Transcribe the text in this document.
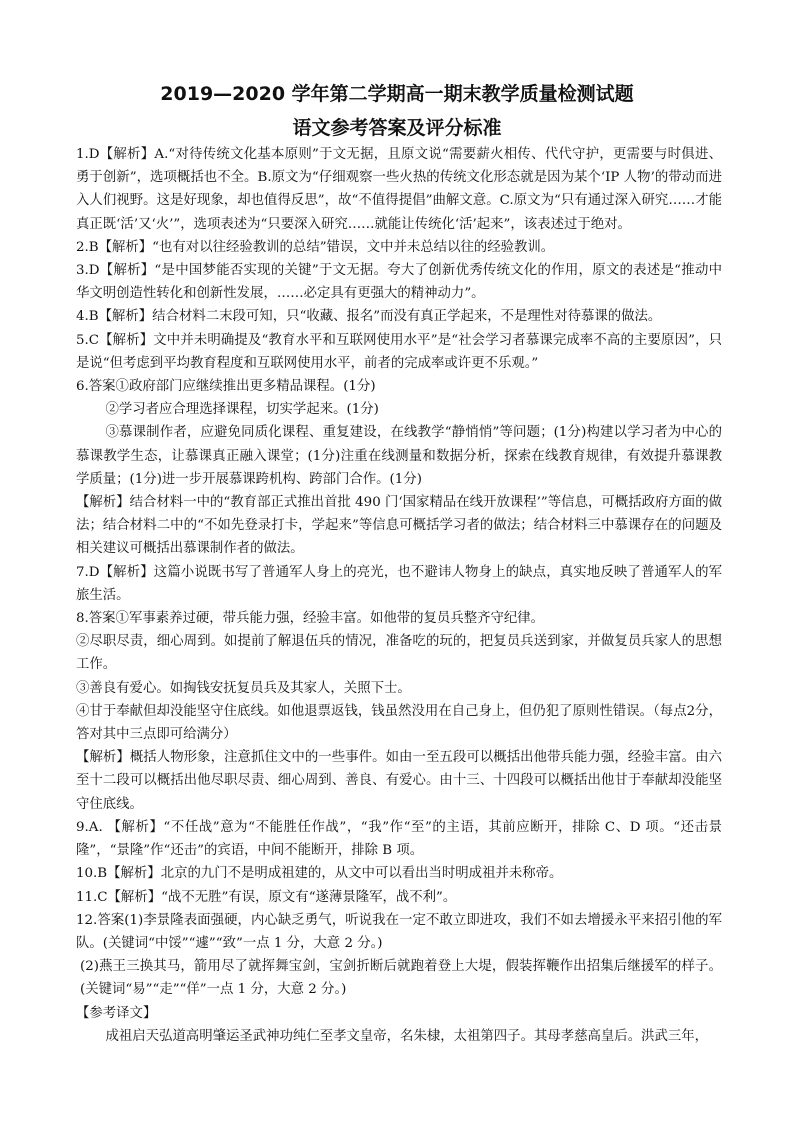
2019—2020 学年第二学期高一期末教学质量检测试题
语文参考答案及评分标准

1.D【解析】A.“对待传统文化基本原则”于文无据，且原文说“需要薪火相传、代代守护，更需要与时俱进、勇于创新”，选项概括也不全。B.原文为“仔细观察一些火热的传统文化形态就是因为某个‘IP 人物’的带动而进入人们视野。这是好现象，却也值得反思”，故“不值得提倡”曲解文意。C.原文为“只有通过深入研究……才能真正既‘活’又‘火’”，选项表述为“只要深入研究……就能让传统化‘活’起来”，该表述过于绝对。

2.B【解析】“也有对以往经验教训的总结”错误，文中并未总结以往的经验教训。

3.D【解析】“是中国梦能否实现的关键”于文无据。夸大了创新优秀传统文化的作用，原文的表述是“推动中华文明创造性转化和创新性发展，……必定具有更强大的精神动力”。

4.B【解析】结合材料二末段可知，只“收藏、报名”而没有真正学起来，不是理性对待慕课的做法。

5.C【解析】文中并未明确提及“教育水平和互联网使用水平”是“社会学习者慕课完成率不高的主要原因”，只是说“但考虑到平均教育程度和互联网使用水平，前者的完成率或许更不乐观。”

6.答案①政府部门应继续推出更多精品课程。(1分)

②学习者应合理选择课程，切实学起来。(1分)

③慕课制作者，应避免同质化课程、重复建设，在线教学“静悄悄”等问题；(1分)构建以学习者为中心的慕课教学生态，让慕课真正融入课堂；(1分)注重在线测量和数据分析，探索在线教育规律，有效提升慕课教学质量；(1分)进一步开展慕课跨机构、跨部门合作。(1分)

【解析】结合材料一中的“教育部正式推出首批 490 门‘国家精品在线开放课程’”等信息，可概括政府方面的做法；结合材料二中的“不如先登录打卡，学起来”等信息可概括学习者的做法；结合材料三中慕课存在的问题及相关建议可概括出慕课制作者的做法。

7.D【解析】这篇小说既书写了普通军人身上的亮光，也不避讳人物身上的缺点，真实地反映了普通军人的军旅生活。

8.答案①军事素养过硬，带兵能力强，经验丰富。如他带的复员兵整齐守纪律。

②尽职尽责，细心周到。如提前了解退伍兵的情况，准备吃的玩的，把复员兵送到家，并做复员兵家人的思想工作。

③善良有爱心。如掏钱安抚复员兵及其家人，关照下士。

④甘于奉献但却没能坚守住底线。如他退票返钱，钱虽然没用在自己身上，但仍犯了原则性错误。（每点2分，答对其中三点即可给满分）

【解析】概括人物形象，注意抓住文中的一些事件。如由一至五段可以概括出他带兵能力强，经验丰富。由六至十二段可以概括出他尽职尽责、细心周到、善良、有爱心。由十三、十四段可以概括出他甘于奉献却没能坚守住底线。

9.A. 【解析】“不任战”意为“不能胜任作战”，“我”作“至”的主语，其前应断开，排除 C、D 项。“还击景隆”，“景隆”作“还击”的宾语，中间不能断开，排除 B 项。

10.B【解析】北京的九门不是明成祖建的，从文中可以看出当时明成祖并未称帝。

11.C【解析】“战不无胜”有误，原文有“遂薄景隆军，战不利”。

12.答案(1)李景隆表面强硬，内心缺乏勇气，听说我在一定不敢立即进攻，我们不如去增援永平来招引他的军队。(关键词“中馁”“遽”“致”一点 1 分，大意 2 分。)

(2)燕王三换其马，箭用尽了就挥舞宝剑，宝剑折断后就跑着登上大堤，假装挥鞭作出招集后继援军的样子。(关键词“易”“走”“佯”一点 1 分，大意 2 分。)

【参考译文】

成祖启天弘道高明肇运圣武神功纯仁至孝文皇帝，名朱棣，太祖第四子。其母孝慈高皇后。洪武三年，
